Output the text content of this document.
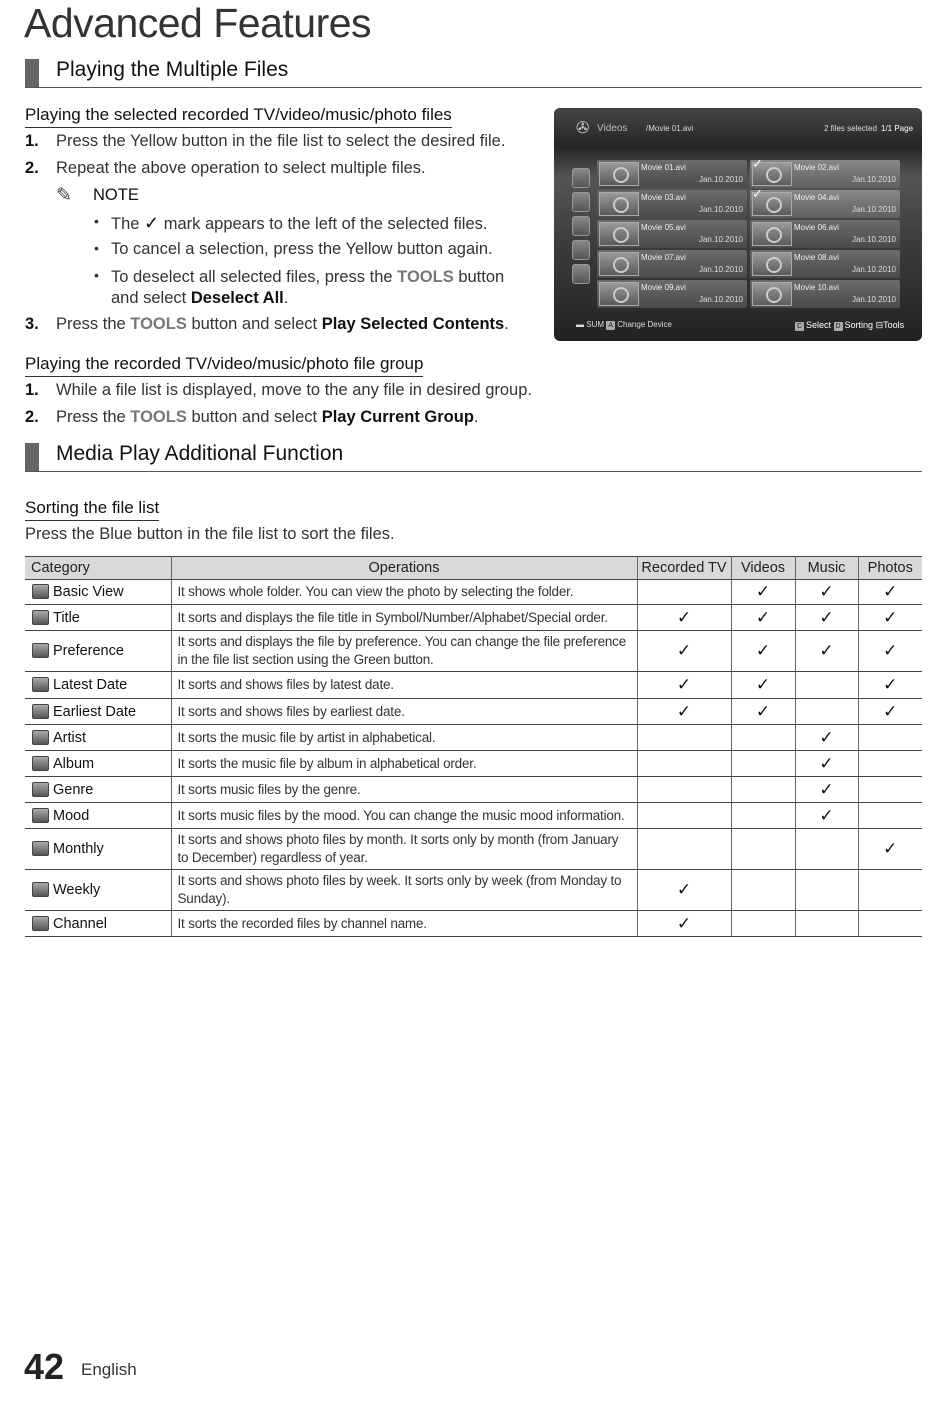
Advanced Features
Playing the Multiple Files
Playing the selected recorded TV/video/music/photo files
1. Press the Yellow button in the file list to select the desired file.
2. Repeat the above operation to select multiple files.
✎ NOTE
• The ✓ mark appears to the left of the selected files.
• To cancel a selection, press the Yellow button again.
• To deselect all selected files, press the TOOLS button
and select Deselect All.
3. Press the TOOLS button and select Play Selected Contents.
✇ Videos /Movie 01.avi	2 files selected 1/1 Page
▬ SUM A Change Device	C Select D Sorting ⊟Tools
Movie 01.avi
Jan.10.2010
Movie 02.avi
Jan.10.2010
✓
Movie 03.avi
Jan.10.2010
Movie 04.avi
Jan.10.2010
✓
Movie 05.avi
Jan.10.2010
Movie 06.avi
Jan.10.2010
Movie 07.avi
Jan.10.2010
Movie 08.avi
Jan.10.2010
Movie 09.avi
Jan.10.2010
Movie 10.avi
Jan.10.2010
Playing the recorded TV/video/music/photo file group
1. While a file list is displayed, move to the any file in desired group.
2. Press the TOOLS button and select Play Current Group.
Media Play Additional Function
Sorting the file list
Press the Blue button in the file list to sort the files.
Category	Operations	Recorded TV	Videos	Music	Photos
Basic View	It shows whole folder. You can view the photo by selecting the folder.		✓	✓	✓
Title	It sorts and displays the file title in Symbol/Number/Alphabet/Special order.	✓	✓	✓	✓
Preference	It sorts and displays the file by preference. You can change the file preference in the file list section using the Green button.	✓	✓	✓	✓
Latest Date	It sorts and shows files by latest date.	✓	✓		✓
Earliest Date	It sorts and shows files by earliest date.	✓	✓		✓
Artist	It sorts the music file by artist in alphabetical.			✓	
Album	It sorts the music file by album in alphabetical order.			✓	
Genre	It sorts music files by the genre.			✓	
Mood	It sorts music files by the mood. You can change the music mood information.			✓	
Monthly	It sorts and shows photo files by month. It sorts only by month (from January to December) regardless of year.				✓
Weekly	It sorts and shows photo files by week. It sorts only by week (from Monday to Sunday).	✓			
Channel	It sorts the recorded files by channel name.	✓			
42 English
